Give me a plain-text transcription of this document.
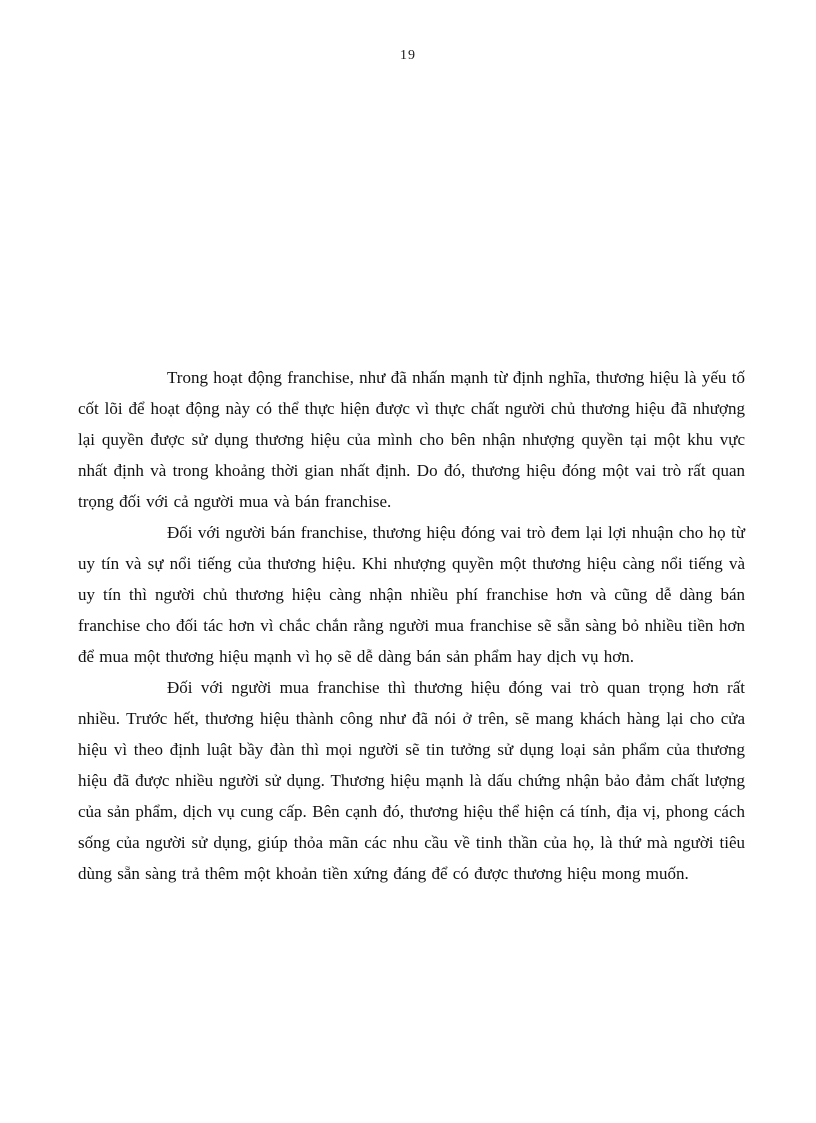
19

Trong hoạt động franchise, như đã nhấn mạnh từ định nghĩa, thương hiệu là yếu tố cốt lõi để hoạt động này có thể thực hiện được vì thực chất người chủ thương hiệu đã nhượng lại quyền được sử dụng thương hiệu của mình cho bên nhận nhượng quyền tại một khu vực nhất định và trong khoảng thời gian nhất định. Do đó, thương hiệu đóng một vai trò rất quan trọng đối với cả người mua và bán franchise.

Đối với người bán franchise, thương hiệu đóng vai trò đem lại lợi nhuận cho họ từ uy tín và sự nổi tiếng của thương hiệu. Khi nhượng quyền một thương hiệu càng nổi tiếng và uy tín thì người chủ thương hiệu càng nhận nhiều phí franchise hơn và cũng dễ dàng bán franchise cho đối tác hơn vì chắc chắn rằng người mua franchise sẽ sẵn sàng bỏ nhiều tiền hơn để mua một thương hiệu mạnh vì họ sẽ dễ dàng bán sản phẩm hay dịch vụ hơn.

Đối với người mua franchise thì thương hiệu đóng vai trò quan trọng hơn rất nhiều. Trước hết, thương hiệu thành công như đã nói ở trên, sẽ mang khách hàng lại cho cửa hiệu vì theo định luật bầy đàn thì mọi người sẽ tin tưởng sử dụng loại sản phẩm của thương hiệu đã được nhiều người sử dụng. Thương hiệu mạnh là dấu chứng nhận bảo đảm chất lượng của sản phẩm, dịch vụ cung cấp. Bên cạnh đó, thương hiệu thể hiện cá tính, địa vị, phong cách sống của người sử dụng, giúp thỏa mãn các nhu cầu về tinh thần của họ, là thứ mà người tiêu dùng sẵn sàng trả thêm một khoản tiền xứng đáng để có được thương hiệu mong muốn.
